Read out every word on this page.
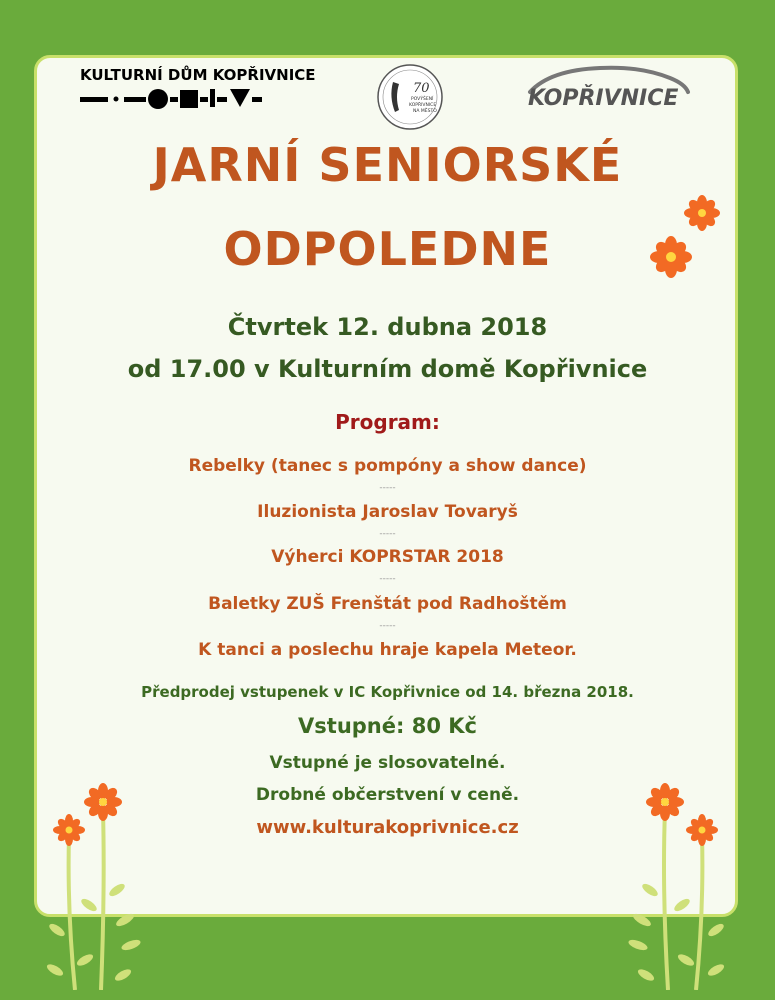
KULTURNÍ DŮM KOPŘIVNICE
70
POVÝŠENÍ
KOPŘIVNICE
NA MĚSTO
KOPŘIVNICE
JARNÍ SENIORSKÉ
ODPOLEDNE
Čtvrtek 12. dubna 2018
od 17.00 v Kulturním domě Kopřivnice
Program:
Rebelky (tanec s pompóny a show dance)
-----
Iluzionista Jaroslav Tovaryš
-----
Výherci KOPRSTAR 2018
-----
Baletky ZUŠ Frenštát pod Radhoštěm
-----
K tanci a poslechu hraje kapela Meteor.
Předprodej vstupenek v IC Kopřivnice od 14. března 2018.
Vstupné: 80 Kč
Vstupné je slosovatelné.
Drobné občerstvení v ceně.
www.kulturakoprivnice.cz
